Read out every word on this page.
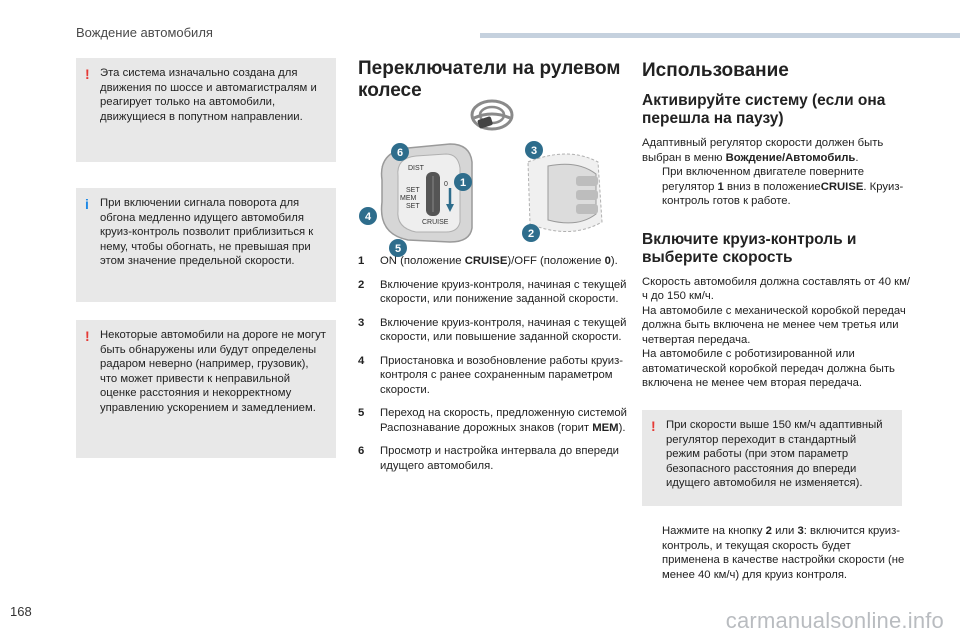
Вождение автомобиля
! Эта система изначально создана для движения по шоссе и автомагистралям и реагирует только на автомобили, движущиеся в попутном направлении.
i При включении сигнала поворота для обгона медленно идущего автомобиля круиз-контроль позволит приблизиться к нему, чтобы обогнать, не превышая при этом значение предельной скорости.
! Некоторые автомобили на дороге не могут быть обнаружены или будут определены радаром неверно (например, грузовик), что может привести к неправильной оценке расстояния и некорректному управлению ускорением и замедлением.
Переключатели на рулевом
колесе
DIST
SET
SET
MEM
CRUISE
0
6
4
5
1
3
2
1 ON (положение CRUISE)/OFF (положение 0).
2 Включение круиз-контроля, начиная с текущей скорости, или понижение заданной скорости.
3 Включение круиз-контроля, начиная с текущей скорости, или повышение заданной скорости.
4 Приостановка и возобновление работы круиз-контроля с ранее сохраненным параметром скорости.
5 Переход на скорость, предложенную системой Распознавание дорожных знаков (горит MEM).
6 Просмотр и настройка интервала до впереди идущего автомобиля.
Использование
Активируйте систему (если она
перешла на паузу)
Адаптивный регулятор скорости должен быть выбран в меню Вождение/Автомобиль.
При включенном двигателе поверните регулятор 1 вниз в положениеCRUISE. Круиз-контроль готов к работе.
Включите круиз-контроль и
выберите скорость
Скорость автомобиля должна составлять от 40 км/ч до 150 км/ч.
На автомобиле с механической коробкой передач должна быть включена не менее чем третья или четвертая передача.
На автомобиле с роботизированной или автоматической коробкой передач должна быть включена не менее чем вторая передача.
! При скорости выше 150 км/ч адаптивный регулятор переходит в стандартный режим работы (при этом параметр безопасного расстояния до впереди идущего автомобиля не изменяется).
Нажмите на кнопку 2 или 3: включится круиз-контроль, и текущая скорость будет применена в качестве настройки скорости (не менее 40 км/ч) для круиз контроля.
168	carmanualsonline.info
